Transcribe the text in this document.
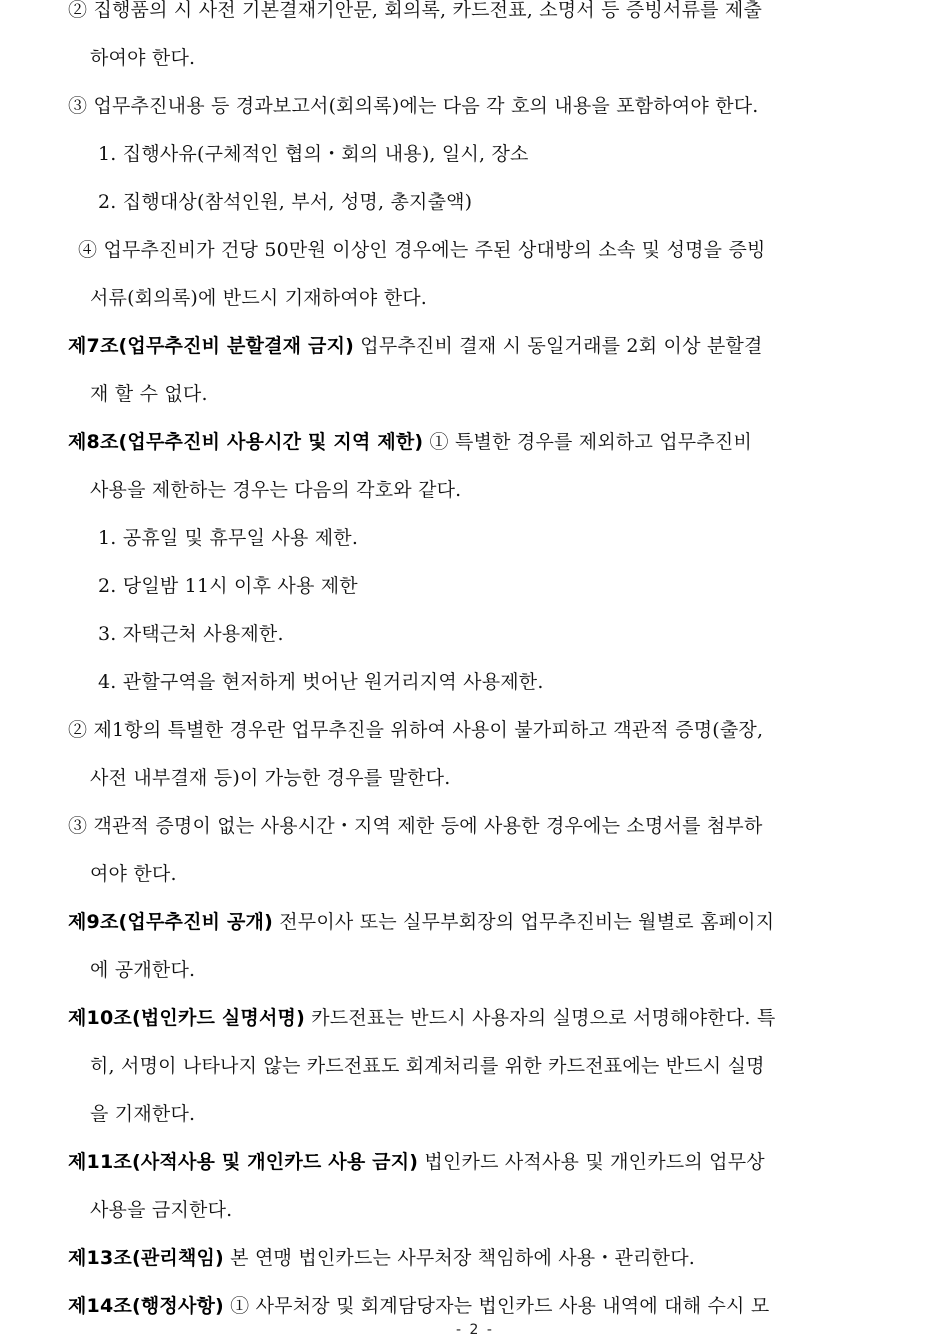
② 집행품의 시 사전 기본결재기안문, 회의록, 카드전표, 소명서 등 증빙서류를 제출
하여야 한다.
③ 업무추진내용 등 경과보고서(회의록)에는 다음 각 호의 내용을 포함하여야 한다.
1. 집행사유(구체적인 협의・회의 내용), 일시, 장소
2. 집행대상(참석인원, 부서, 성명, 총지출액)
④ 업무추진비가 건당 50만원 이상인 경우에는 주된 상대방의 소속 및 성명을 증빙
서류(회의록)에 반드시 기재하여야 한다.
제7조(업무추진비 분할결재 금지) 업무추진비 결재 시 동일거래를 2회 이상 분할결
재 할 수 없다.
제8조(업무추진비 사용시간 및 지역 제한) ① 특별한 경우를 제외하고 업무추진비
사용을 제한하는 경우는 다음의 각호와 같다.
1. 공휴일 및 휴무일 사용 제한.
2. 당일밤 11시 이후 사용 제한
3. 자택근처 사용제한.
4. 관할구역을 현저하게 벗어난 원거리지역 사용제한.
② 제1항의 특별한 경우란 업무추진을 위하여 사용이 불가피하고 객관적 증명(출장,
사전 내부결재 등)이 가능한 경우를 말한다.
③ 객관적 증명이 없는 사용시간・지역 제한 등에 사용한 경우에는 소명서를 첨부하
여야 한다.
제9조(업무추진비 공개) 전무이사 또는 실무부회장의 업무추진비는 월별로 홈페이지
에 공개한다.
제10조(법인카드 실명서명) 카드전표는 반드시 사용자의 실명으로 서명해야한다. 특
히, 서명이 나타나지 않는 카드전표도 회계처리를 위한 카드전표에는 반드시 실명
을 기재한다.
제11조(사적사용 및 개인카드 사용 금지) 법인카드 사적사용 및 개인카드의 업무상
사용을 금지한다.
제13조(관리책임) 본 연맹 법인카드는 사무처장 책임하에 사용・관리한다.
제14조(행정사항) ① 사무처장 및 회계담당자는 법인카드 사용 내역에 대해 수시 모
- 2 -
